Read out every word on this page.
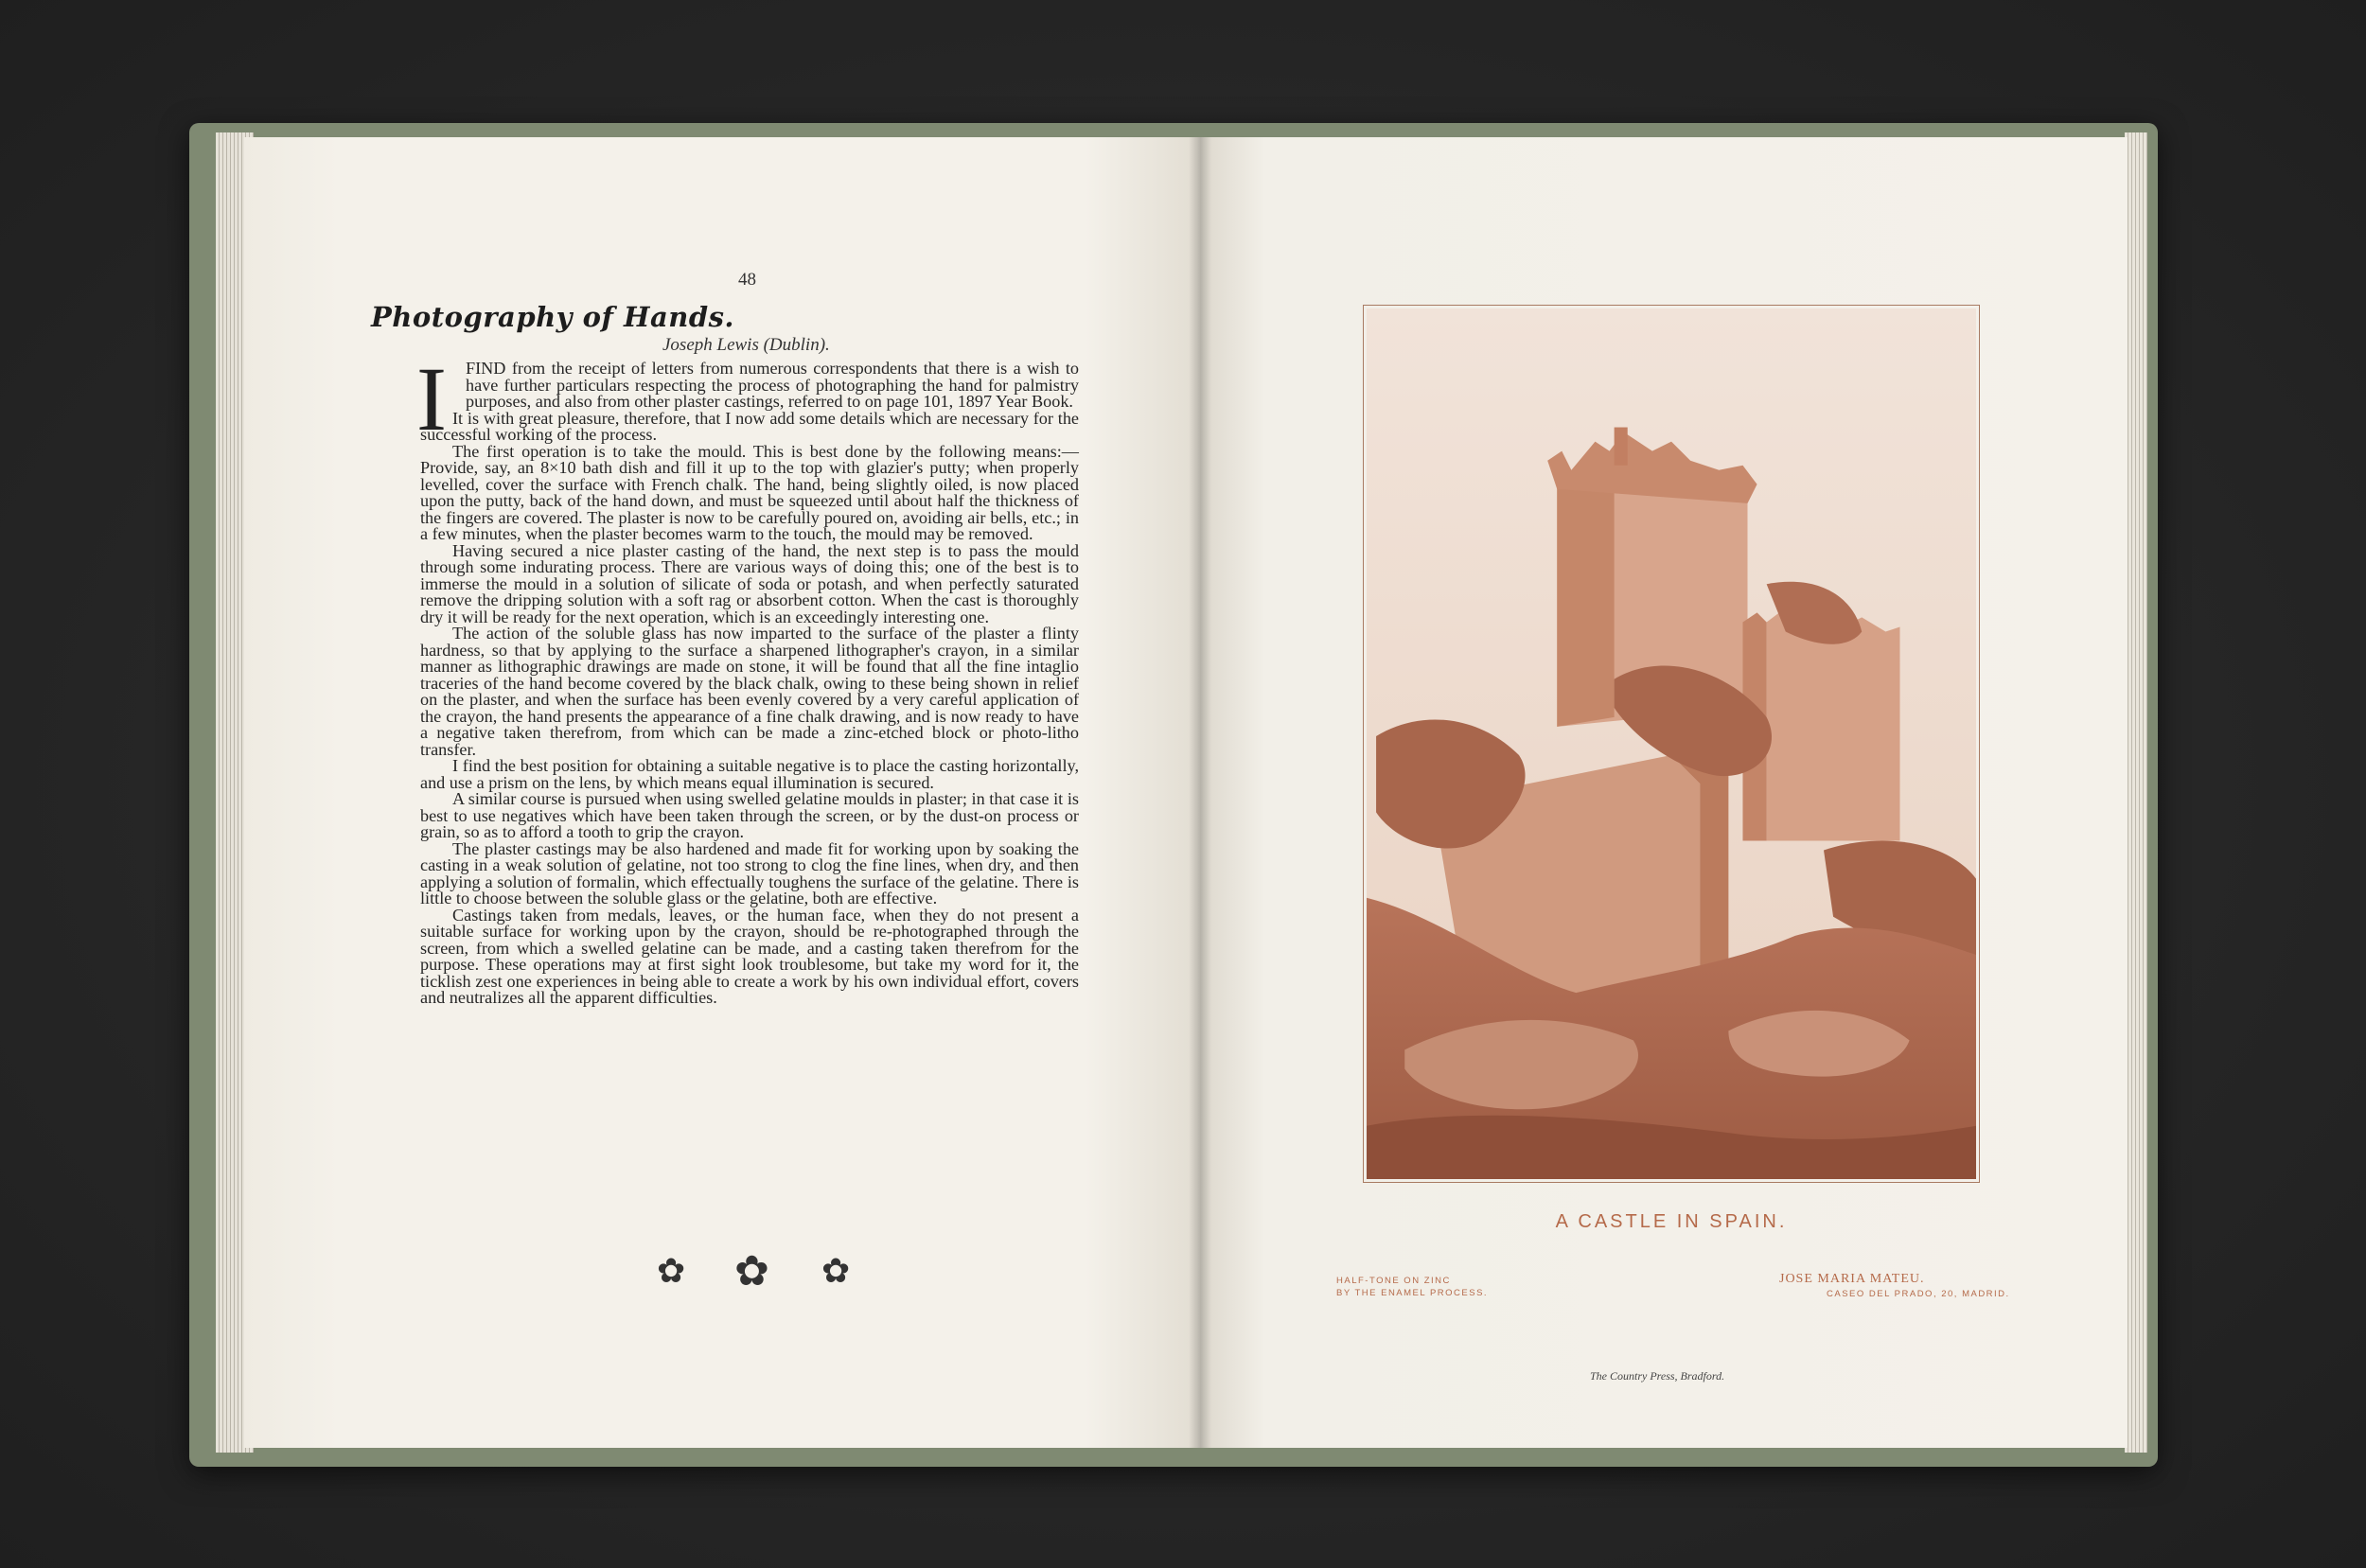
48
Photography of Hands.
Joseph Lewis (Dublin).
I	FIND from the receipt of letters from numerous correspondents that there is a wish to have further particulars respecting the process of photographing the hand for palmistry purposes, and also from other plaster castings, referred to on page 101, 1897 Year Book.

It is with great pleasure, therefore, that I now add some details which are necessary for the successful working of the process.

The first operation is to take the mould. This is best done by the following means:—Provide, say, an 8×10 bath dish and fill it up to the top with glazier's putty; when properly levelled, cover the surface with French chalk. The hand, being slightly oiled, is now placed upon the putty, back of the hand down, and must be squeezed until about half the thickness of the fingers are covered. The plaster is now to be carefully poured on, avoiding air bells, etc.; in a few minutes, when the plaster becomes warm to the touch, the mould may be removed.

Having secured a nice plaster casting of the hand, the next step is to pass the mould through some indurating process. There are various ways of doing this; one of the best is to immerse the mould in a solution of silicate of soda or potash, and when perfectly saturated remove the dripping solution with a soft rag or absorbent cotton. When the cast is thoroughly dry it will be ready for the next operation, which is an exceedingly interesting one.

The action of the soluble glass has now imparted to the surface of the plaster a flinty hardness, so that by applying to the surface a sharpened lithographer's crayon, in a similar manner as lithographic drawings are made on stone, it will be found that all the fine intaglio traceries of the hand become covered by the black chalk, owing to these being shown in relief on the plaster, and when the surface has been evenly covered by a very careful application of the crayon, the hand presents the appearance of a fine chalk drawing, and is now ready to have a negative taken therefrom, from which can be made a zinc-etched block or photo-litho transfer.

I find the best position for obtaining a suitable negative is to place the casting horizontally, and use a prism on the lens, by which means equal illumination is secured.

A similar course is pursued when using swelled gelatine moulds in plaster; in that case it is best to use negatives which have been taken through the screen, or by the dust-on process or grain, so as to afford a tooth to grip the crayon.

The plaster castings may be also hardened and made fit for working upon by soaking the casting in a weak solution of gelatine, not too strong to clog the fine lines, when dry, and then applying a solution of formalin, which effectually toughens the surface of the gelatine. There is little to choose between the soluble glass or the gelatine, both are effective.

Castings taken from medals, leaves, or the human face, when they do not present a suitable surface for working upon by the crayon, should be re-photographed through the screen, from which a swelled gelatine can be made, and a casting taken therefrom for the purpose. These operations may at first sight look troublesome, but take my word for it, the ticklish zest one experiences in being able to create a work by his own individual effort, covers and neutralizes all the apparent difficulties.

✿ ✿ ✿
A CASTLE IN SPAIN.
HALF-TONE ON ZINC
BY THE ENAMEL PROCESS.
JOSE MARIA MATEU.
CASEO DEL PRADO, 20, MADRID.
The Country Press, Bradford.
